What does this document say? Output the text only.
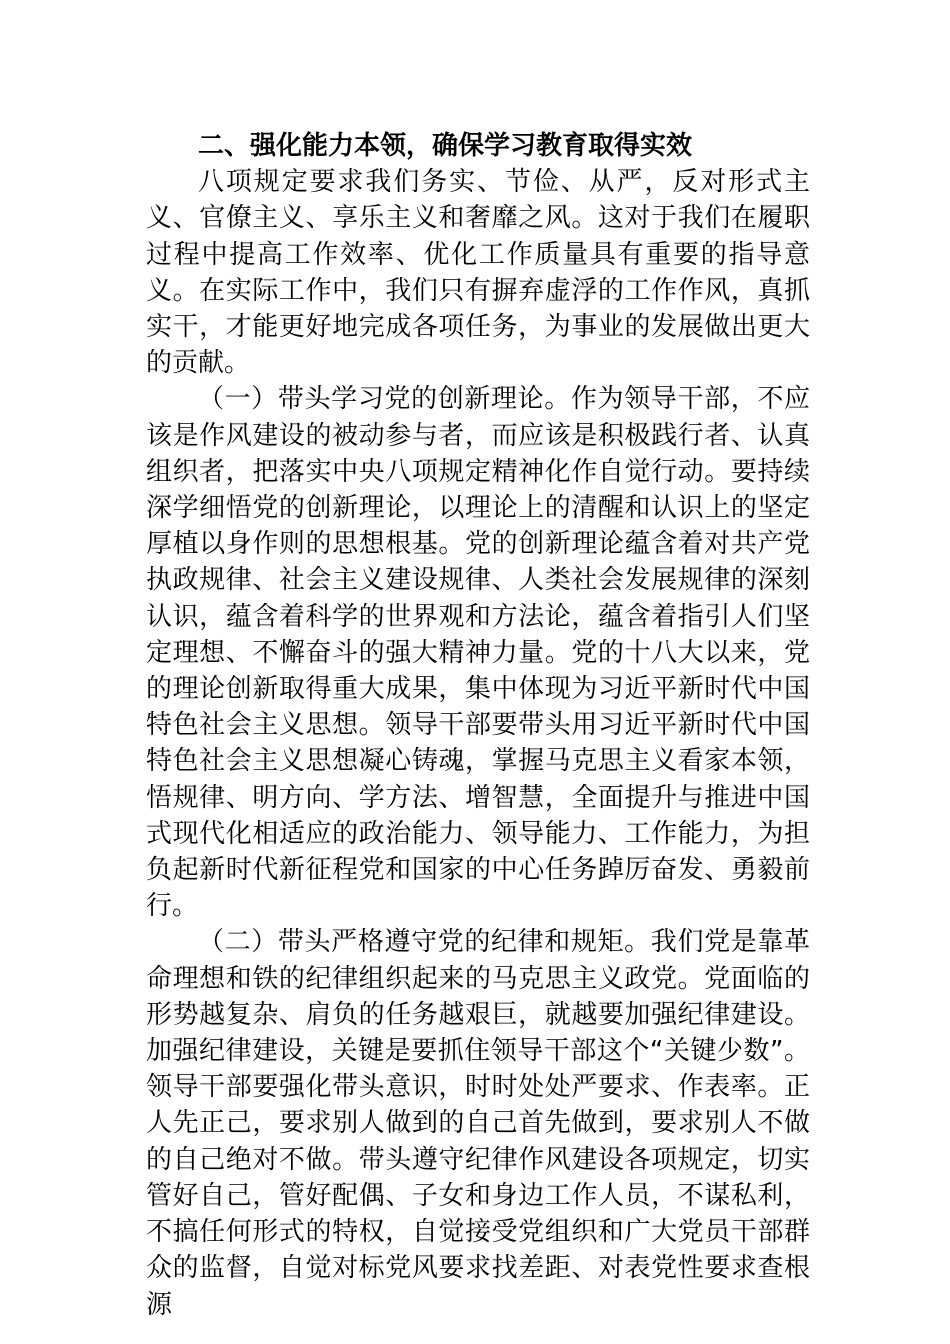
二、强化能力本领，确保学习教育取得实效

八项规定要求我们务实、节俭、从严，反对形式主义、官僚主义、享乐主义和奢靡之风。这对于我们在履职过程中提高工作效率、优化工作质量具有重要的指导意义。在实际工作中，我们只有摒弃虚浮的工作作风，真抓实干，才能更好地完成各项任务，为事业的发展做出更大的贡献。

（一）带头学习党的创新理论。作为领导干部，不应该是作风建设的被动参与者，而应该是积极践行者、认真组织者，把落实中央八项规定精神化作自觉行动。要持续深学细悟党的创新理论，以理论上的清醒和认识上的坚定厚植以身作则的思想根基。党的创新理论蕴含着对共产党执政规律、社会主义建设规律、人类社会发展规律的深刻认识，蕴含着科学的世界观和方法论，蕴含着指引人们坚定理想、不懈奋斗的强大精神力量。党的十八大以来，党的理论创新取得重大成果，集中体现为习近平新时代中国特色社会主义思想。领导干部要带头用习近平新时代中国特色社会主义思想凝心铸魂，掌握马克思主义看家本领，悟规律、明方向、学方法、增智慧，全面提升与推进中国式现代化相适应的政治能力、领导能力、工作能力，为担负起新时代新征程党和国家的中心任务踔厉奋发、勇毅前行。

（二）带头严格遵守党的纪律和规矩。我们党是靠革命理想和铁的纪律组织起来的马克思主义政党。党面临的形势越复杂、肩负的任务越艰巨，就越要加强纪律建设。加强纪律建设，关键是要抓住领导干部这个“关键少数”。领导干部要强化带头意识，时时处处严要求、作表率。正人先正己，要求别人做到的自己首先做到，要求别人不做的自己绝对不做。带头遵守纪律作风建设各项规定，切实管好自己，管好配偶、子女和身边工作人员，不谋私利，不搞任何形式的特权，自觉接受党组织和广大党员干部群众的监督，自觉对标党风要求找差距、对表党性要求查根源
